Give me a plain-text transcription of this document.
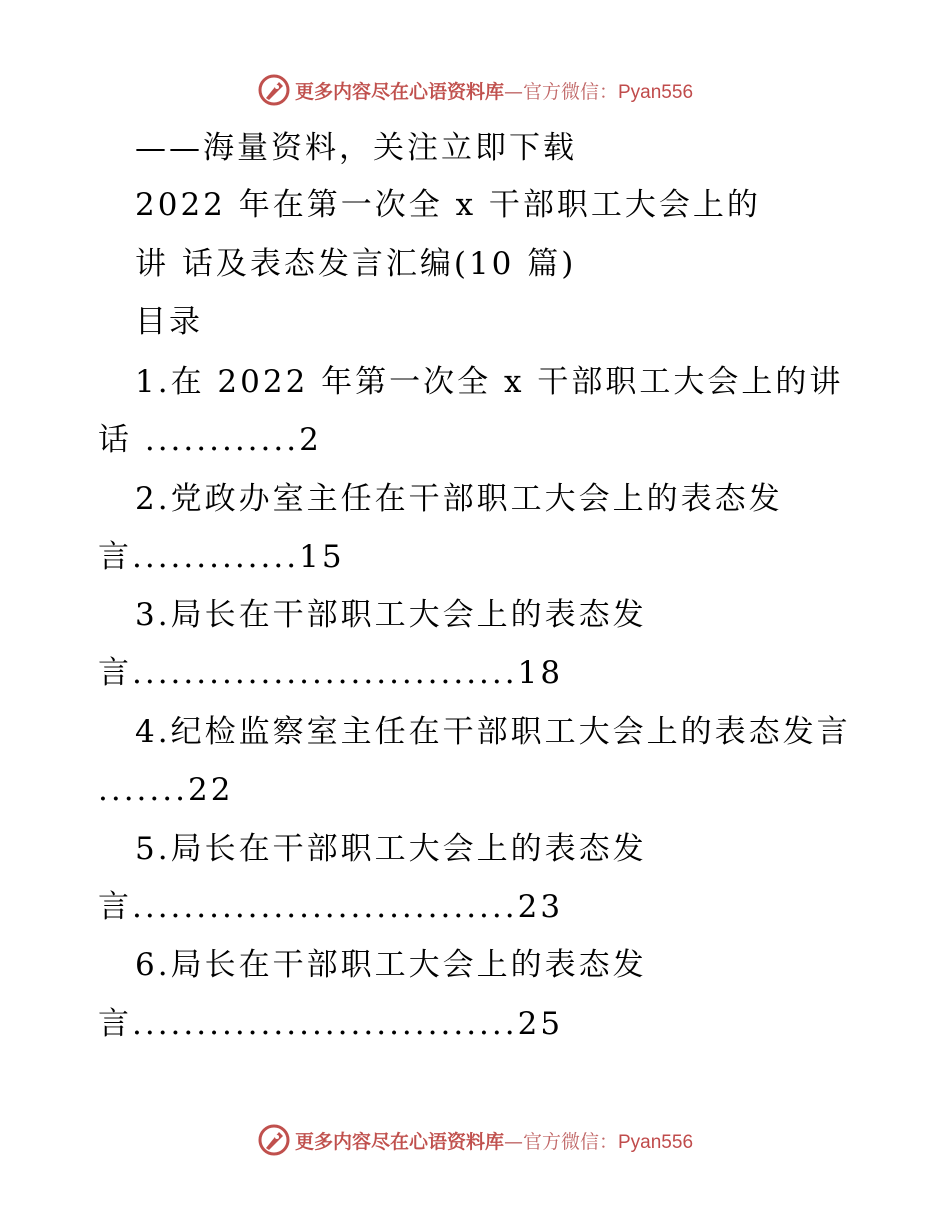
更多内容尽在心语资料库—官方微信：Pyan556
——海量资料，关注立即下载
2022 年在第一次全 x 干部职工大会上的
讲 话及表态发言汇编(10 篇)
目录
1.在 2022 年第一次全 x 干部职工大会上的讲
话 ............2
2.党政办室主任在干部职工大会上的表态发
言.............15
3.局长在干部职工大会上的表态发
言..............................18
4.纪检监察室主任在干部职工大会上的表态发言
.......22
5.局长在干部职工大会上的表态发
言..............................23
6.局长在干部职工大会上的表态发
言..............................25
更多内容尽在心语资料库—官方微信：Pyan556
